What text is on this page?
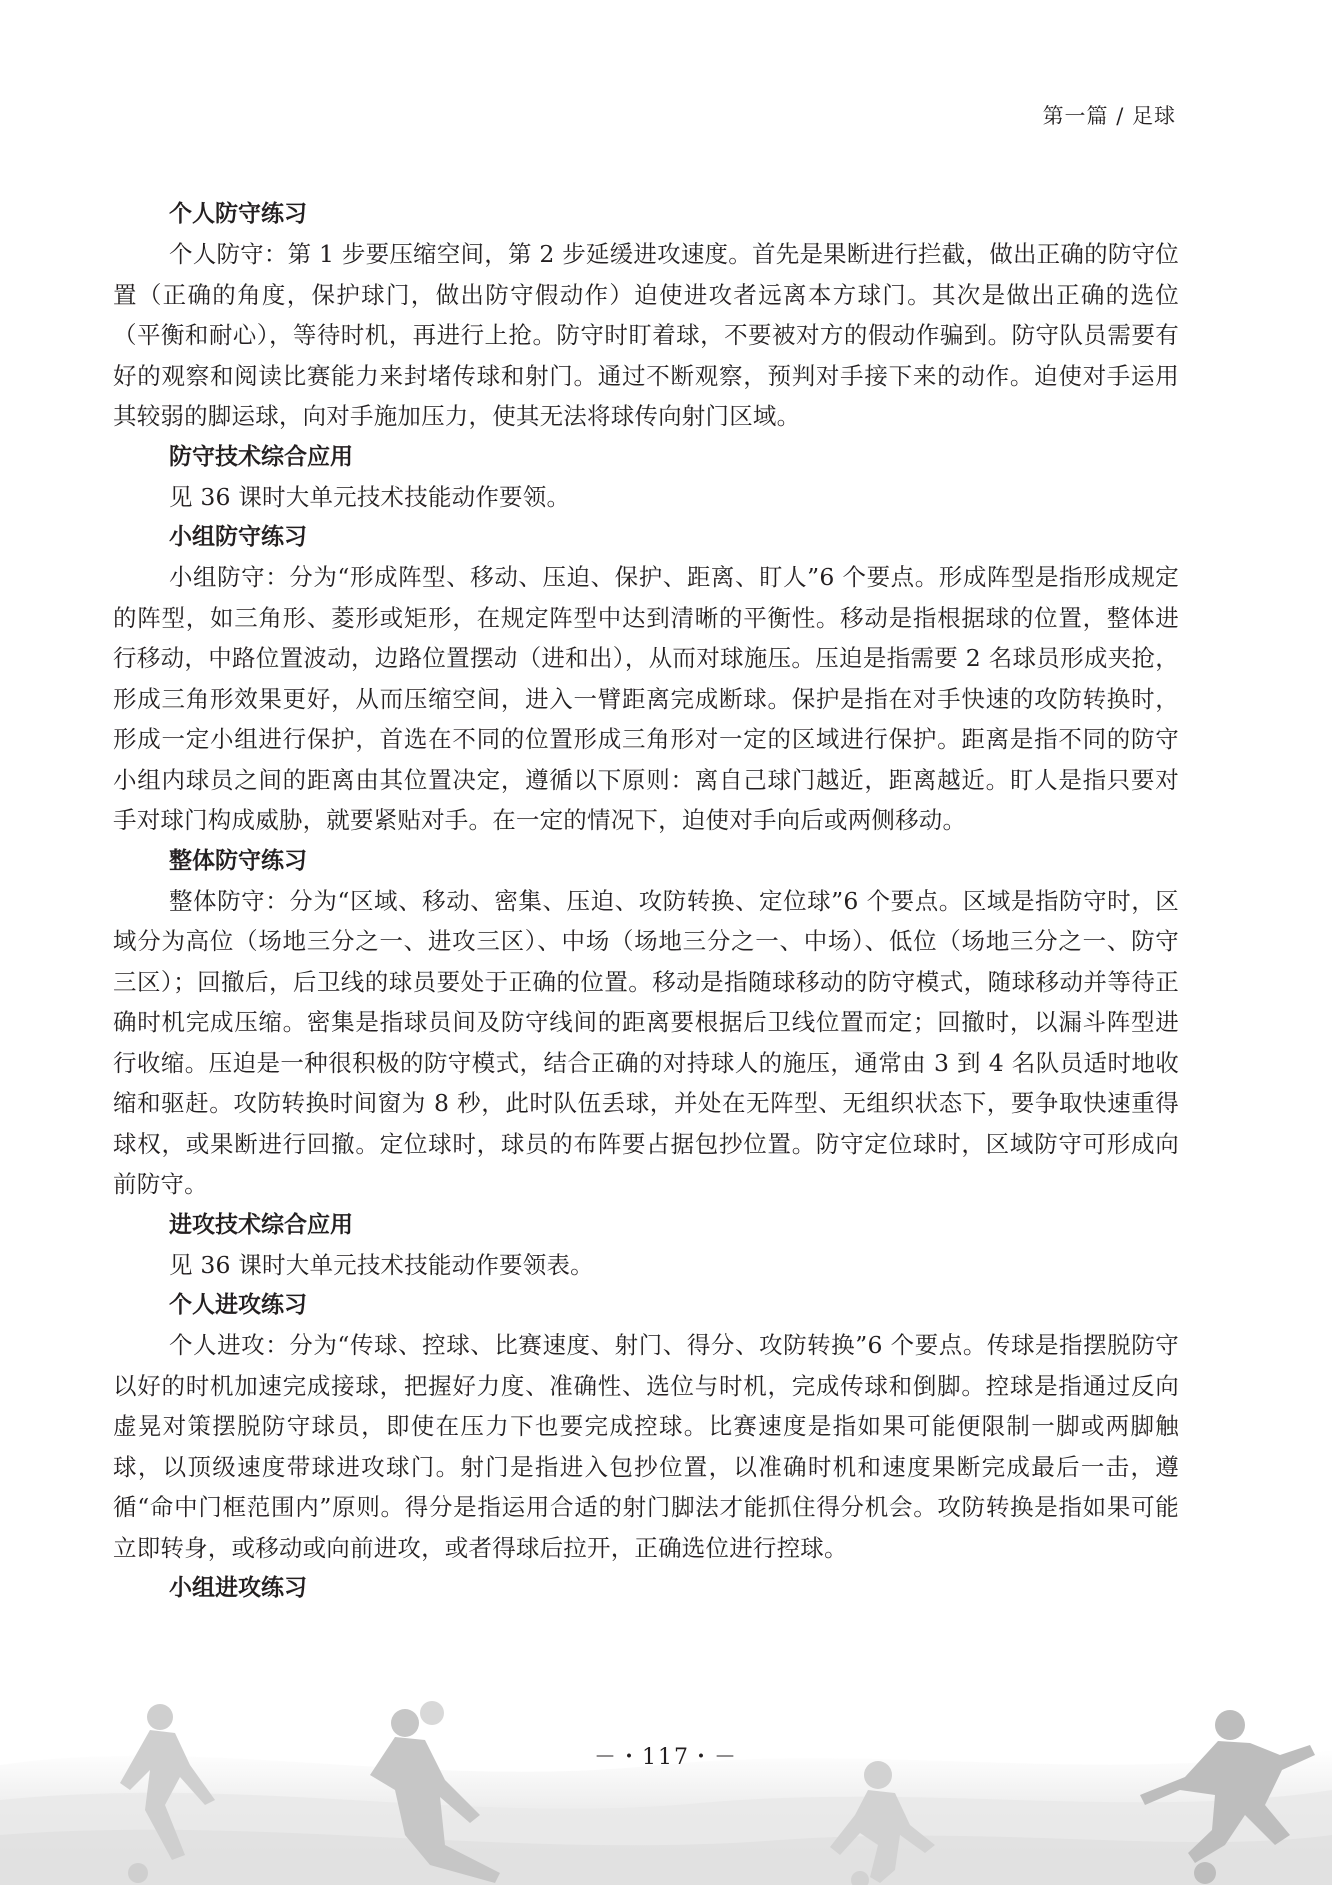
第一篇 / 足球
个人防守练习

个人防守：第 1 步要压缩空间，第 2 步延缓进攻速度。首先是果断进行拦截，做出正确的防守位置（正确的角度，保护球门，做出防守假动作）迫使进攻者远离本方球门。其次是做出正确的选位（平衡和耐心），等待时机，再进行上抢。防守时盯着球，不要被对方的假动作骗到。防守队员需要有好的观察和阅读比赛能力来封堵传球和射门。通过不断观察，预判对手接下来的动作。迫使对手运用其较弱的脚运球，向对手施加压力，使其无法将球传向射门区域。

防守技术综合应用

见 36 课时大单元技术技能动作要领。

小组防守练习

小组防守：分为“形成阵型、移动、压迫、保护、距离、盯人”6 个要点。形成阵型是指形成规定的阵型，如三角形、菱形或矩形，在规定阵型中达到清晰的平衡性。移动是指根据球的位置，整体进行移动，中路位置波动，边路位置摆动（进和出），从而对球施压。压迫是指需要 2 名球员形成夹抢，形成三角形效果更好，从而压缩空间，进入一臂距离完成断球。保护是指在对手快速的攻防转换时，形成一定小组进行保护，首选在不同的位置形成三角形对一定的区域进行保护。距离是指不同的防守小组内球员之间的距离由其位置决定，遵循以下原则：离自己球门越近，距离越近。盯人是指只要对手对球门构成威胁，就要紧贴对手。在一定的情况下，迫使对手向后或两侧移动。

整体防守练习

整体防守：分为“区域、移动、密集、压迫、攻防转换、定位球”6 个要点。区域是指防守时，区域分为高位（场地三分之一、进攻三区）、中场（场地三分之一、中场）、低位（场地三分之一、防守三区）；回撤后，后卫线的球员要处于正确的位置。移动是指随球移动的防守模式，随球移动并等待正确时机完成压缩。密集是指球员间及防守线间的距离要根据后卫线位置而定；回撤时，以漏斗阵型进行收缩。压迫是一种很积极的防守模式，结合正确的对持球人的施压，通常由 3 到 4 名队员适时地收缩和驱赶。攻防转换时间窗为 8 秒，此时队伍丢球，并处在无阵型、无组织状态下，要争取快速重得球权，或果断进行回撤。定位球时，球员的布阵要占据包抄位置。防守定位球时，区域防守可形成向前防守。

进攻技术综合应用

见 36 课时大单元技术技能动作要领表。

个人进攻练习

个人进攻：分为“传球、控球、比赛速度、射门、得分、攻防转换”6 个要点。传球是指摆脱防守以好的时机加速完成接球，把握好力度、准确性、选位与时机，完成传球和倒脚。控球是指通过反向虚晃对策摆脱防守球员，即使在压力下也要完成控球。比赛速度是指如果可能便限制一脚或两脚触球，以顶级速度带球进攻球门。射门是指进入包抄位置，以准确时机和速度果断完成最后一击，遵循“命中门框范围内”原则。得分是指运用合适的射门脚法才能抓住得分机会。攻防转换是指如果可能立即转身，或移动或向前进攻，或者得球后拉开，正确选位进行控球。

小组进攻练习
－・117・－
